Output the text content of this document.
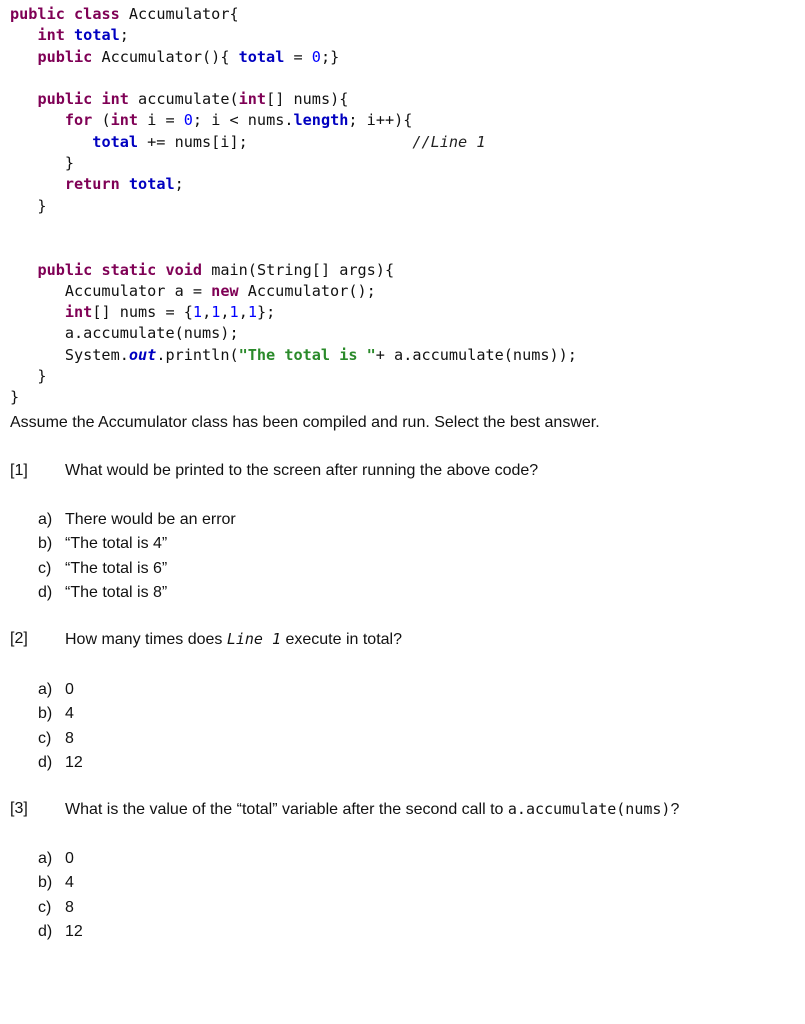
public class Accumulator{
int total;
public Accumulator(){ total = 0;}
public int accumulate(int[] nums){
for (int i = 0; i < nums.length; i++){
total += nums[i];                  //Line 1
}
return total;
}
public static void main(String[] args){
Accumulator a = new Accumulator();
int[] nums = {1,1,1,1};
a.accumulate(nums);
System.out.println("The total is "+ a.accumulate(nums));
}
}
Assume the Accumulator class has been compiled and run. Select the best answer.
[1] What would be printed to the screen after running the above code?
a) There would be an error
b) “The total is 4”
c) “The total is 6”
d) “The total is 8”
[2] How many times does Line 1 execute in total?
a) 0
b) 4
c) 8
d) 12
[3] What is the value of the “total” variable after the second call to a.accumulate(nums)?
a) 0
b) 4
c) 8
d) 12
